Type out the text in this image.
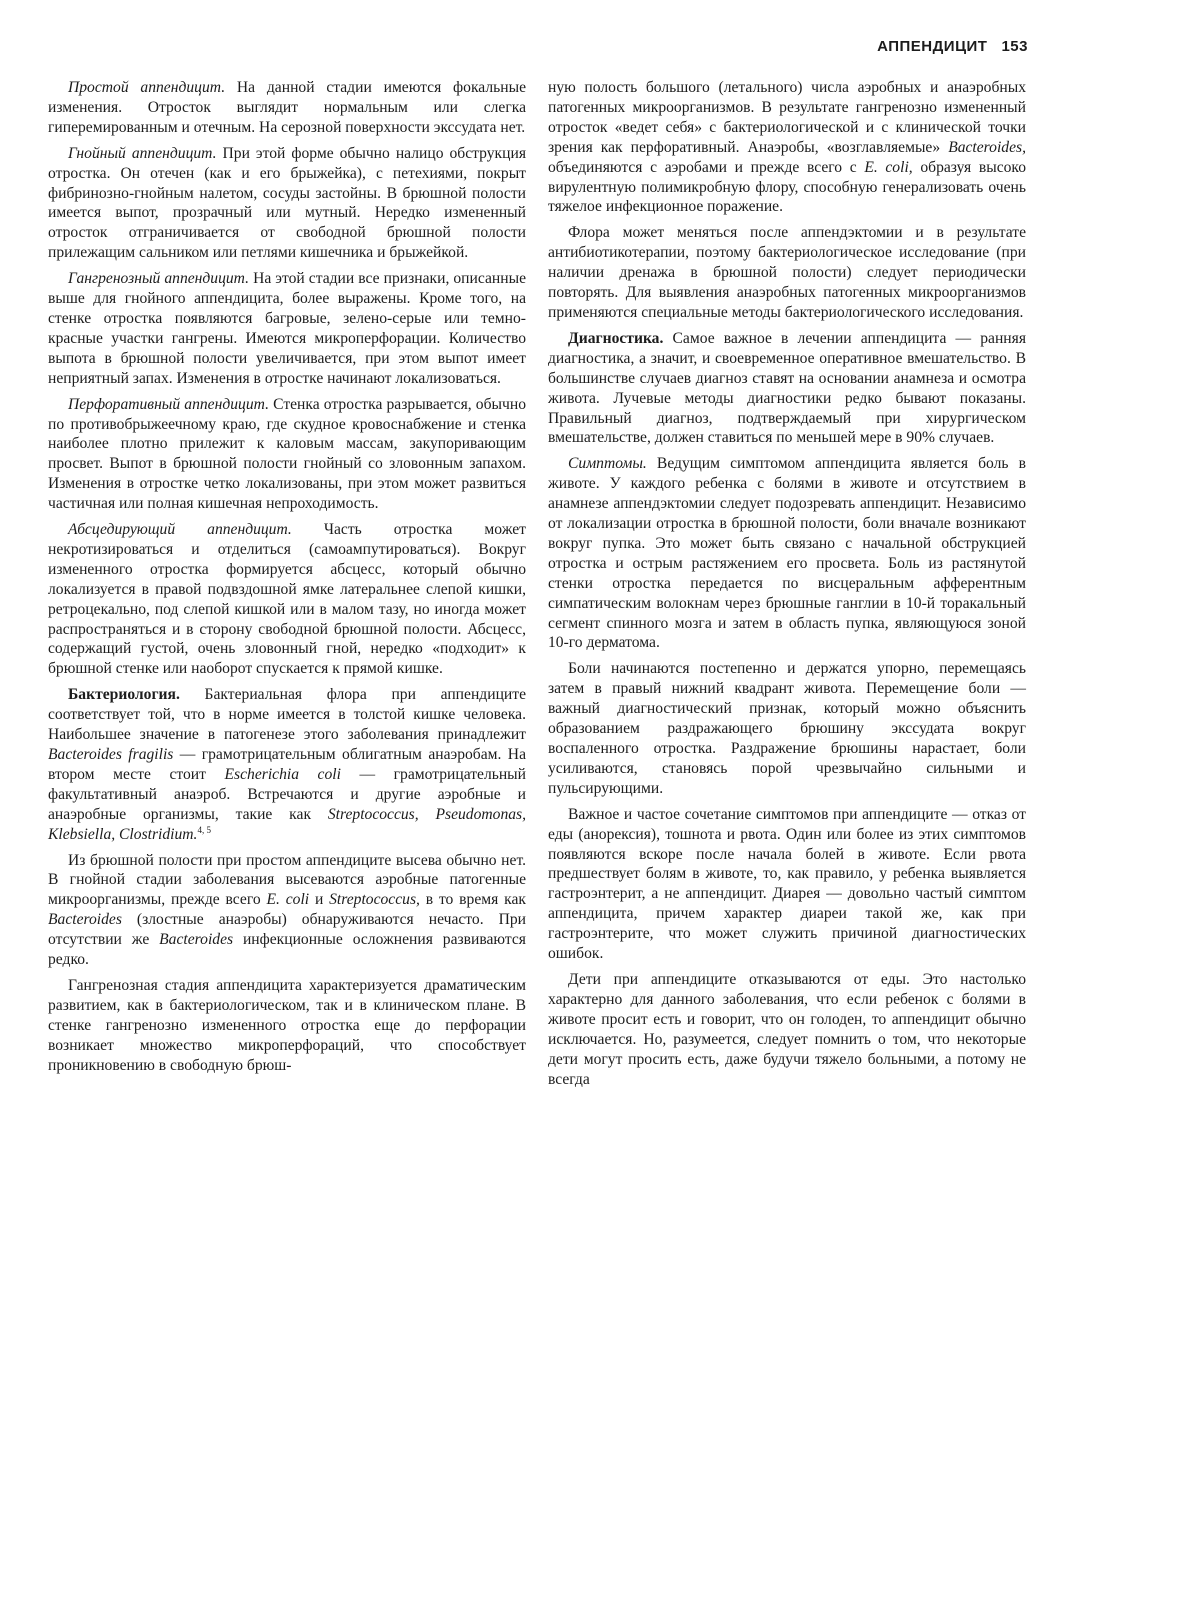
АППЕНДИЦИТ 153

Простой аппендицит. На данной стадии имеются фокальные изменения. Отросток выглядит нормальным или слегка гиперемированным и отечным. На серозной поверхности экссудата нет.

Гнойный аппендицит. При этой форме обычно налицо обструкция отростка. Он отечен (как и его брыжейка), с петехиями, покрыт фибринозно-гнойным налетом, сосуды застойны. В брюшной полости имеется выпот, прозрачный или мутный. Нередко измененный отросток отграничивается от свободной брюшной полости прилежащим сальником или петлями кишечника и брыжейкой.

Гангренозный аппендицит. На этой стадии все признаки, описанные выше для гнойного аппендицита, более выражены. Кроме того, на стенке отростка появляются багровые, зелено-серые или темно-красные участки гангрены. Имеются микроперфорации. Количество выпота в брюшной полости увеличивается, при этом выпот имеет неприятный запах. Изменения в отростке начинают локализоваться.

Перфоративный аппендицит. Стенка отростка разрывается, обычно по противобрыжеечному краю, где скудное кровоснабжение и стенка наиболее плотно прилежит к каловым массам, закупоривающим просвет. Выпот в брюшной полости гнойный со зловонным запахом. Изменения в отростке четко локализованы, при этом может развиться частичная или полная кишечная непроходимость.

Абсцедирующий аппендицит. Часть отростка может некротизироваться и отделиться (самоампутироваться). Вокруг измененного отростка формируется абсцесс, который обычно локализуется в правой подвздошной ямке латеральнее слепой кишки, ретроцекально, под слепой кишкой или в малом тазу, но иногда может распространяться и в сторону свободной брюшной полости. Абсцесс, содержащий густой, очень зловонный гной, нередко «подходит» к брюшной стенке или наоборот спускается к прямой кишке.

Бактериология. Бактериальная флора при аппендиците соответствует той, что в норме имеется в толстой кишке человека. Наибольшее значение в патогенезе этого заболевания принадлежит Bacteroides fragilis — грамотрицательным облигатным анаэробам. На втором месте стоит Escherichia coli — грамотрицательный факультативный анаэроб. Встречаются и другие аэробные и анаэробные организмы, такие как Streptococcus, Pseudomonas, Klebsiella, Clostridium.$^{4, 5}$

Из брюшной полости при простом аппендиците высева обычно нет. В гнойной стадии заболевания высеваются аэробные патогенные микроорганизмы, прежде всего E. coli и Streptococcus, в то время как Bacteroides (злостные анаэробы) обнаруживаются нечасто. При отсутствии же Bacteroides инфекционные осложнения развиваются редко.

Гангренозная стадия аппендицита характеризуется драматическим развитием, как в бактериологическом, так и в клиническом плане. В стенке гангренозно измененного отростка еще до перфорации возникает множество микроперфораций, что способствует проникновению в свободную брюш-

ную полость большого (летального) числа аэробных и анаэробных патогенных микроорганизмов. В результате гангренозно измененный отросток «ведет себя» с бактериологической и с клинической точки зрения как перфоративный. Анаэробы, «возглавляемые» Bacteroides, объединяются с аэробами и прежде всего с E. coli, образуя высоко вирулентную полимикробную флору, способную генерализовать очень тяжелое инфекционное поражение.

Флора может меняться после аппендэктомии и в результате антибиотикотерапии, поэтому бактериологическое исследование (при наличии дренажа в брюшной полости) следует периодически повторять. Для выявления анаэробных патогенных микроорганизмов применяются специальные методы бактериологического исследования.

Диагностика. Самое важное в лечении аппендицита — ранняя диагностика, а значит, и своевременное оперативное вмешательство. В большинстве случаев диагноз ставят на основании анамнеза и осмотра живота. Лучевые методы диагностики редко бывают показаны. Правильный диагноз, подтверждаемый при хирургическом вмешательстве, должен ставиться по меньшей мере в 90% случаев.

Симптомы. Ведущим симптомом аппендицита является боль в животе. У каждого ребенка с болями в животе и отсутствием в анамнезе аппендэктомии следует подозревать аппендицит. Независимо от локализации отростка в брюшной полости, боли вначале возникают вокруг пупка. Это может быть связано с начальной обструкцией отростка и острым растяжением его просвета. Боль из растянутой стенки отростка передается по висцеральным афферентным симпатическим волокнам через брюшные ганглии в 10-й торакальный сегмент спинного мозга и затем в область пупка, являющуюся зоной 10-го дерматома.

Боли начинаются постепенно и держатся упорно, перемещаясь затем в правый нижний квадрант живота. Перемещение боли — важный диагностический признак, который можно объяснить образованием раздражающего брюшину экссудата вокруг воспаленного отростка. Раздражение брюшины нарастает, боли усиливаются, становясь порой чрезвычайно сильными и пульсирующими.

Важное и частое сочетание симптомов при аппендиците — отказ от еды (анорексия), тошнота и рвота. Один или более из этих симптомов появляются вскоре после начала болей в животе. Если рвота предшествует болям в животе, то, как правило, у ребенка выявляется гастроэнтерит, а не аппендицит. Диарея — довольно частый симптом аппендицита, причем характер диареи такой же, как при гастроэнтерите, что может служить причиной диагностических ошибок.

Дети при аппендиците отказываются от еды. Это настолько характерно для данного заболевания, что если ребенок с болями в животе просит есть и говорит, что он голоден, то аппендицит обычно исключается. Но, разумеется, следует помнить о том, что некоторые дети могут просить есть, даже будучи тяжело больными, а потому не всегда
